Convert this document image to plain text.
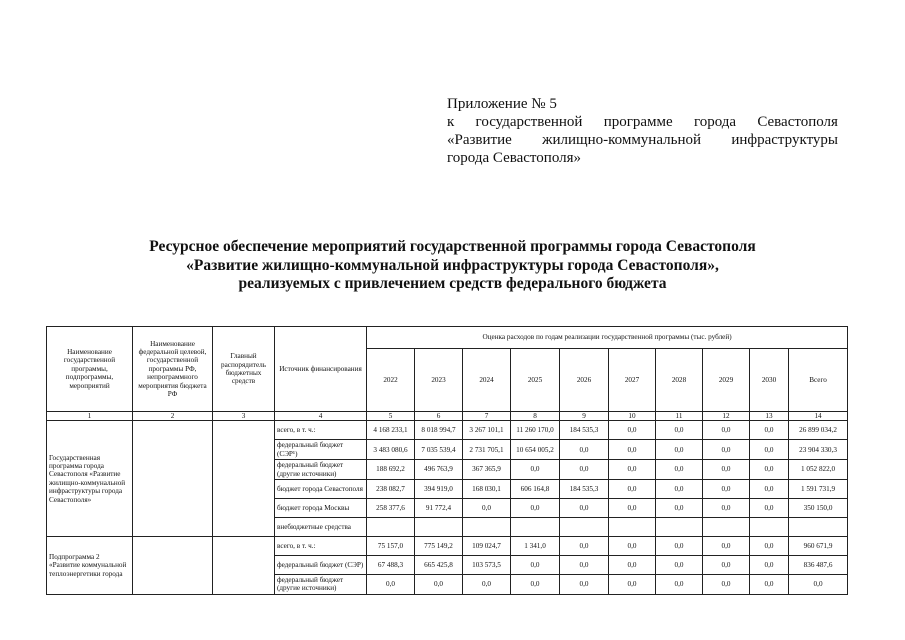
Приложение № 5
к государственной программе города Севастополя
«Развитие жилищно-коммунальной инфраструктуры
города Севастополя»
Ресурсное обеспечение мероприятий государственной программы города Севастополя
«Развитие жилищно-коммунальной инфраструктуры города Севастополя»,
реализуемых с привлечением средств федерального бюджета
Наименование государственной программы, подпрограммы, мероприятий	Наименование федеральной целевой, государственной программы РФ, непрограммного мероприятия бюджета РФ	Главный распорядитель бюджетных средств	Источник финансирования	Оценка расходов по годам реализации государственной программы (тыс. рублей)									
				2022	2023	2024	2025	2026	2027	2028	2029	2030	Всего
1	2	3	4	5	6	7	8	9	10	11	12	13	14
Государственная программа города Севастополя «Развитие жилищно-коммунальной инфраструктуры города Севастополя»			всего, в т. ч.:	4 168 233,1	8 018 994,7	3 267 101,1	11 260 170,0	184 535,3	0,0	0,0	0,0	0,0	26 899 034,2
			федеральный бюджет (СЭР¹)	3 483 080,6	7 035 539,4	2 731 705,1	10 654 005,2	0,0	0,0	0,0	0,0	0,0	23 904 330,3
			федеральный бюджет (другие источники)	188 692,2	496 763,9	367 365,9	0,0	0,0	0,0	0,0	0,0	0,0	1 052 822,0
			бюджет города Севастополя	238 082,7	394 919,0	168 030,1	606 164,8	184 535,3	0,0	0,0	0,0	0,0	1 591 731,9
			бюджет города Москвы	258 377,6	91 772,4	0,0	0,0	0,0	0,0	0,0	0,0	0,0	350 150,0
			внебюджетные средства										
Подпрограмма 2 «Развитие коммунальной теплоэнергетики города			всего, в т. ч.:	75 157,0	775 149,2	109 024,7	1 341,0	0,0	0,0	0,0	0,0	0,0	960 671,9
			федеральный бюджет (СЭР)	67 488,3	665 425,8	103 573,5	0,0	0,0	0,0	0,0	0,0	0,0	836 487,6
			федеральный бюджет (другие источники)	0,0	0,0	0,0	0,0	0,0	0,0	0,0	0,0	0,0	0,0
